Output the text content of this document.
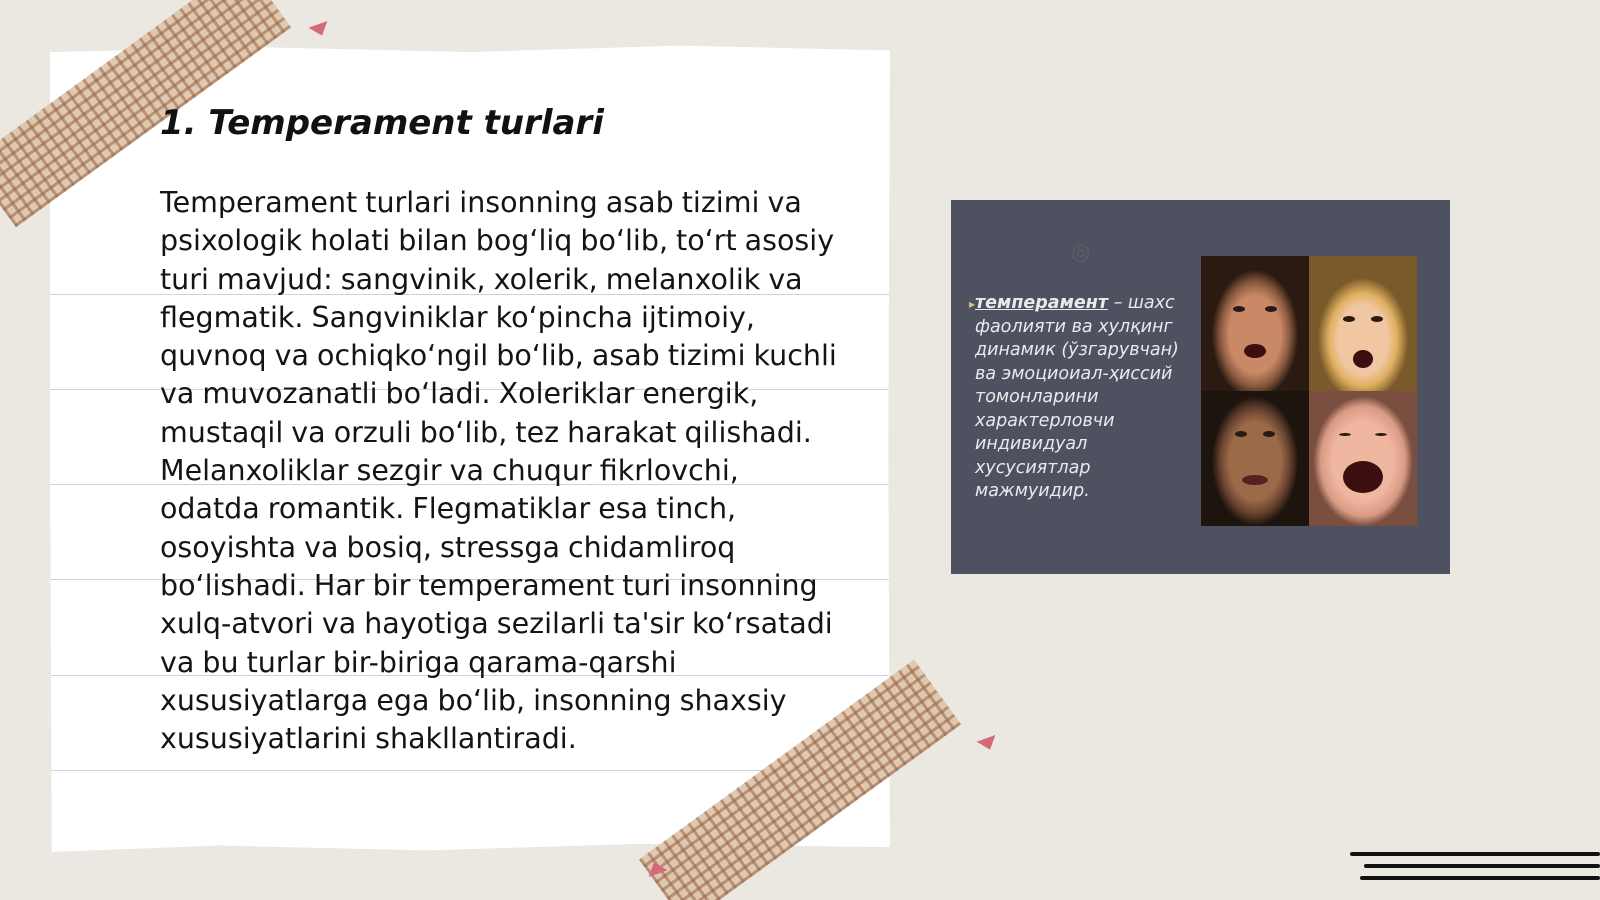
1. Temperament turlari

Temperament turlari insonning asab tizimi va psixologik holati bilan bog‘liq bo‘lib, to‘rt asosiy turi mavjud: sangvinik, xolerik, melanxolik va flegmatik. Sangviniklar ko‘pincha ijtimoiy, quvnoq va ochiqko‘ngil bo‘lib, asab tizimi kuchli va muvozanatli bo‘ladi. Xoleriklar energik, mustaqil va orzuli bo‘lib, tez harakat qilishadi. Melanxoliklar sezgir va chuqur fikrlovchi, odatda romantik. Flegmatiklar esa tinch, osoyishta va bosiq, stressga chidamliroq bo‘lishadi. Har bir temperament turi insonning xulq-atvori va hayotiga sezilarli ta'sir ko‘rsatadi va bu turlar bir-biriga qarama-qarshi xususiyatlarga ega bo‘lib, insonning shaxsiy xususiyatlarini shakllantiradi.

◎
▸ темперамент – шахс фаолияти ва хулқинг динамик (ўзгарувчан) ва эмоциоиал-ҳиссий томонларини характерловчи индивидуал хусусиятлар мажмуидир.
